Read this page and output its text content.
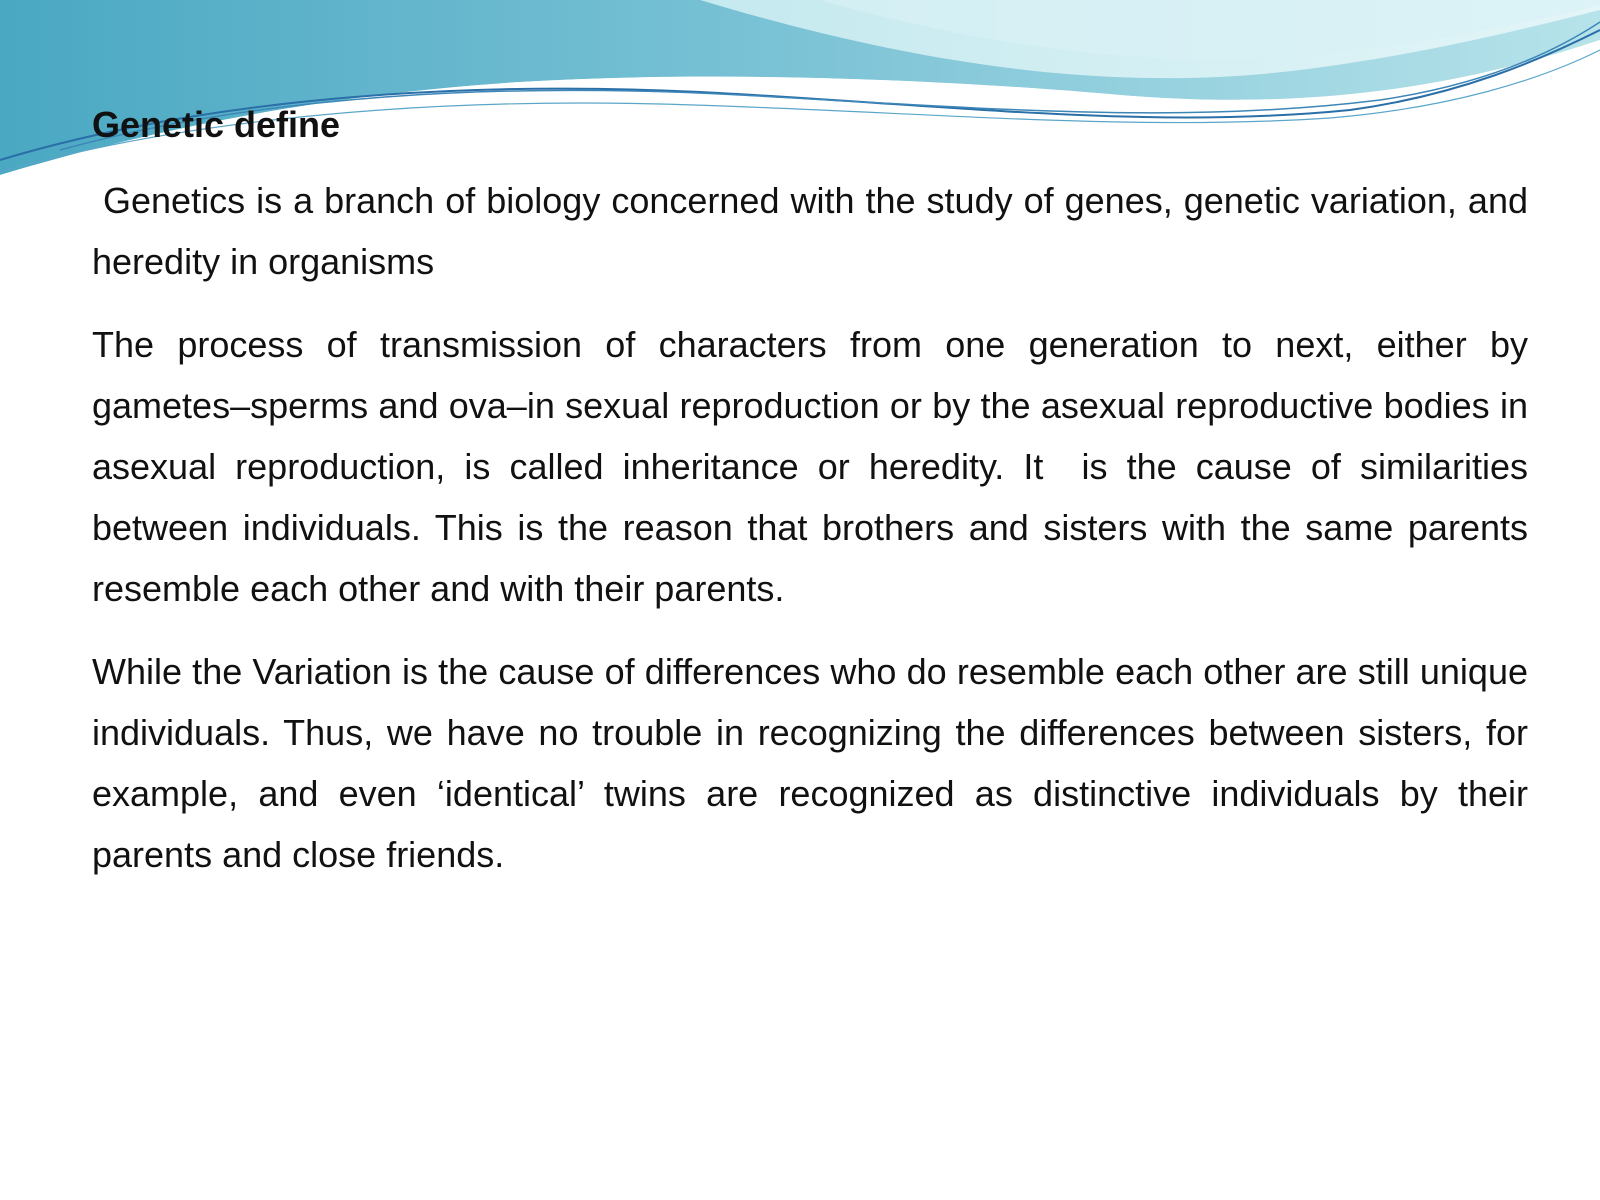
Genetic define

Genetics is a branch of biology concerned with the study of genes, genetic variation, and heredity in organisms

The process of transmission of characters from one generation to next, either by gametes–sperms and ova–in sexual reproduction or by the asexual reproductive bodies in asexual reproduction, is called inheritance or heredity. It  is the cause of similarities between individuals. This is the reason that brothers and sisters with the same parents resemble each other and with their parents.

While the Variation is the cause of differences who do resemble each other are still unique individuals. Thus, we have no trouble in recognizing the differences between sisters, for example, and even ‘identical’ twins are recognized as distinctive individuals by their parents and close friends.
